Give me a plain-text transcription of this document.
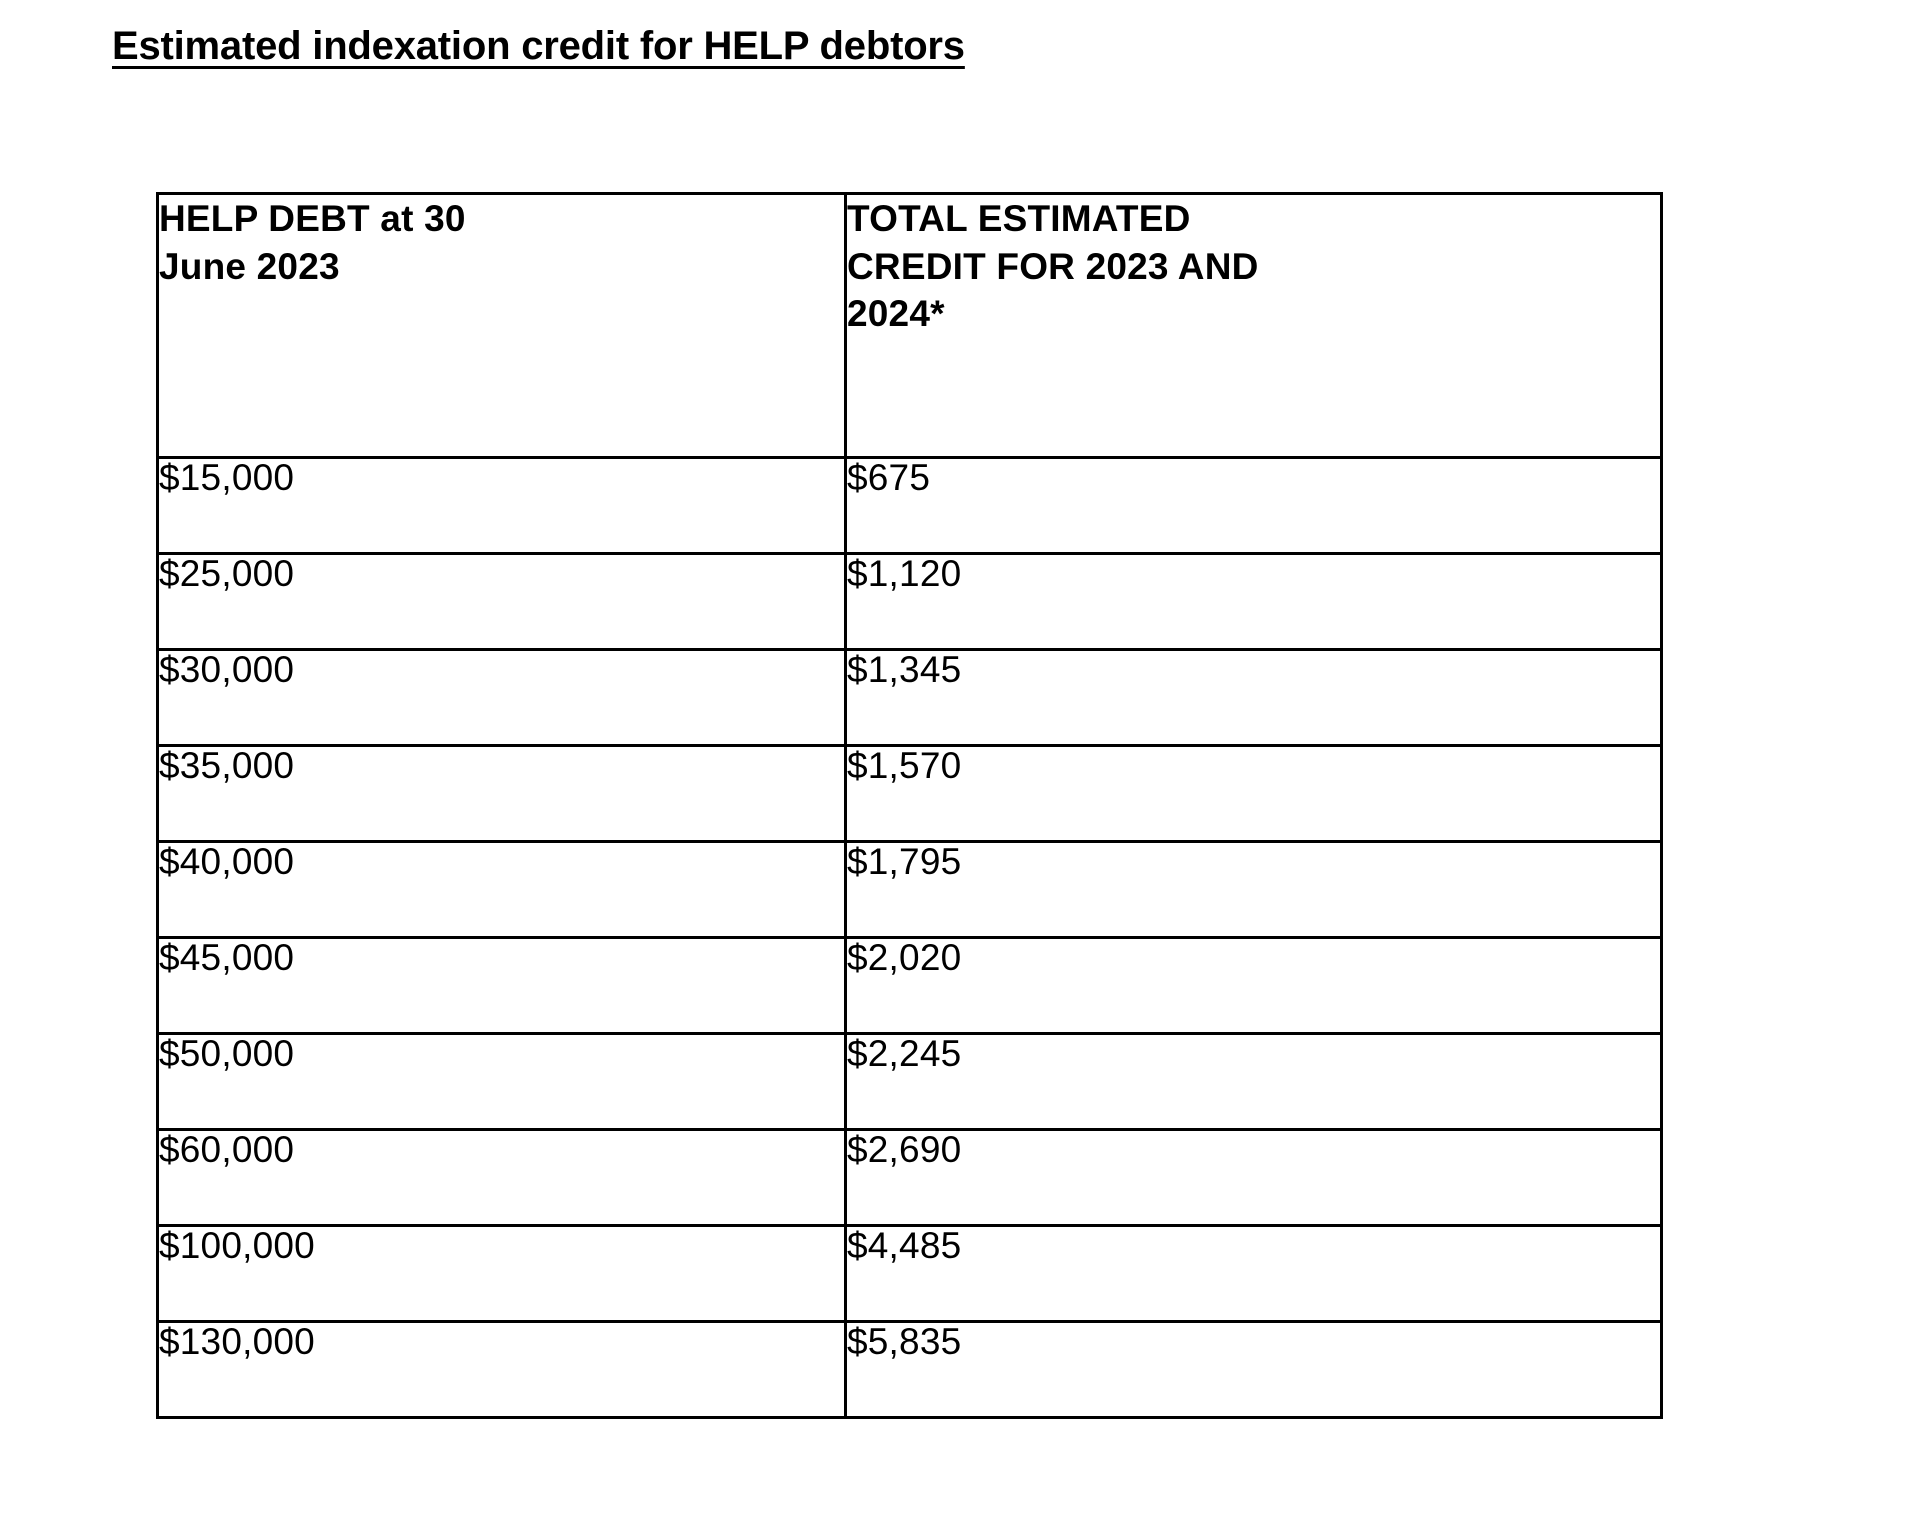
Estimated indexation credit for HELP debtors
HELP DEBT at 30
June 2023	TOTAL ESTIMATED
CREDIT FOR 2023 AND
2024*

$15,000	$675
$25,000	$1,120
$30,000	$1,345
$35,000	$1,570
$40,000	$1,795
$45,000	$2,020
$50,000	$2,245
$60,000	$2,690
$100,000	$4,485
$130,000	$5,835
